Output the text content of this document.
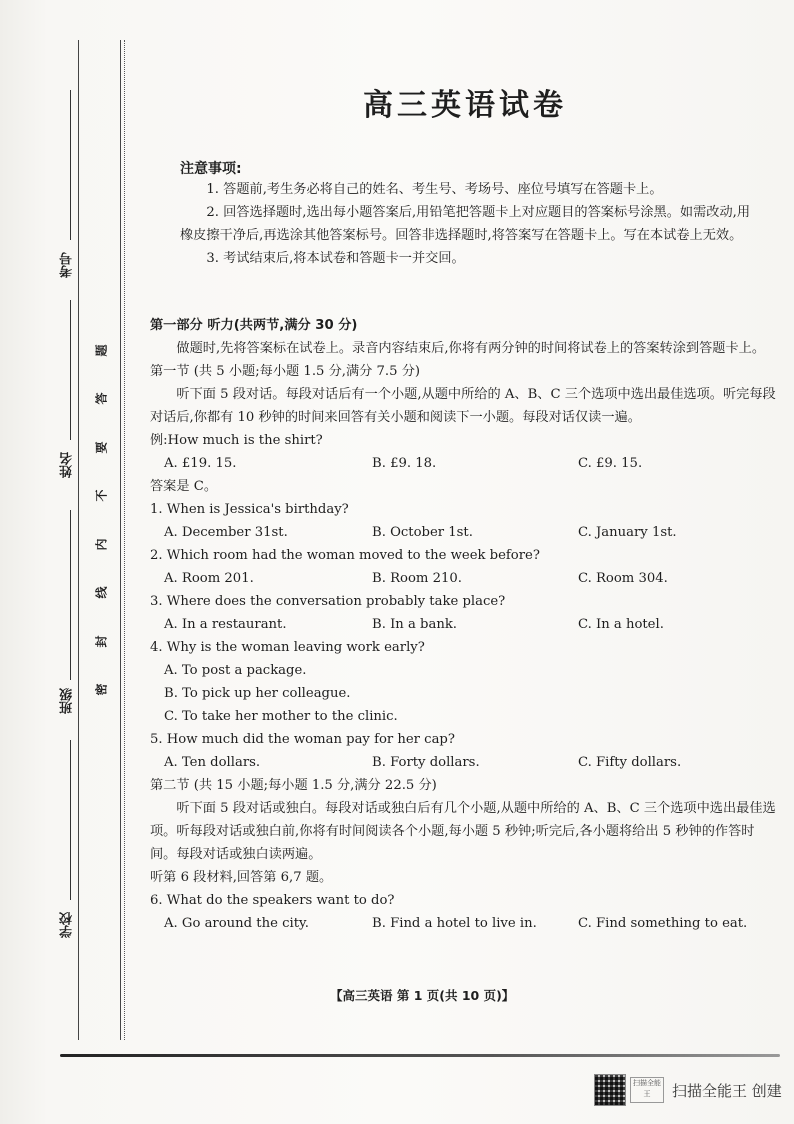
考号
姓名
班级
学校
题
答
要
不
内
线
封
密
高三英语试卷
注意事项:

1. 答题前,考生务必将自己的姓名、考生号、考场号、座位号填写在答题卡上。

2. 回答选择题时,选出每小题答案后,用铅笔把答题卡上对应题目的答案标号涂黑。如需改动,用橡皮擦干净后,再选涂其他答案标号。回答非选择题时,将答案写在答题卡上。写在本试卷上无效。

3. 考试结束后,将本试卷和答题卡一并交回。

第一部分 听力(共两节,满分 30 分)

做题时,先将答案标在试卷上。录音内容结束后,你将有两分钟的时间将试卷上的答案转涂到答题卡上。

第一节 (共 5 小题;每小题 1.5 分,满分 7.5 分)

听下面 5 段对话。每段对话后有一个小题,从题中所给的 A、B、C 三个选项中选出最佳选项。听完每段对话后,你都有 10 秒钟的时间来回答有关小题和阅读下一小题。每段对话仅读一遍。

例:How much is the shirt?

A. £19. 15.	B. £9. 18.	C. £9. 15.

答案是 C。

1. When is Jessica's birthday?

A. December 31st.	B. October 1st.	C. January 1st.

2. Which room had the woman moved to the week before?

A. Room 201.	B. Room 210.	C. Room 304.

3. Where does the conversation probably take place?

A. In a restaurant.	B. In a bank.	C. In a hotel.

4. Why is the woman leaving work early?

A. To post a package.

B. To pick up her colleague.

C. To take her mother to the clinic.

5. How much did the woman pay for her cap?

A. Ten dollars.	B. Forty dollars.	C. Fifty dollars.

第二节 (共 15 小题;每小题 1.5 分,满分 22.5 分)

听下面 5 段对话或独白。每段对话或独白后有几个小题,从题中所给的 A、B、C 三个选项中选出最佳选项。听每段对话或独白前,你将有时间阅读各个小题,每小题 5 秒钟;听完后,各小题将给出 5 秒钟的作答时间。每段对话或独白读两遍。

听第 6 段材料,回答第 6,7 题。

6. What do the speakers want to do?

A. Go around the city.	B. Find a hotel to live in.	C. Find something to eat.
【高三英语 第 1 页(共 10 页)】
扫描全能王	扫描全能王 创建
